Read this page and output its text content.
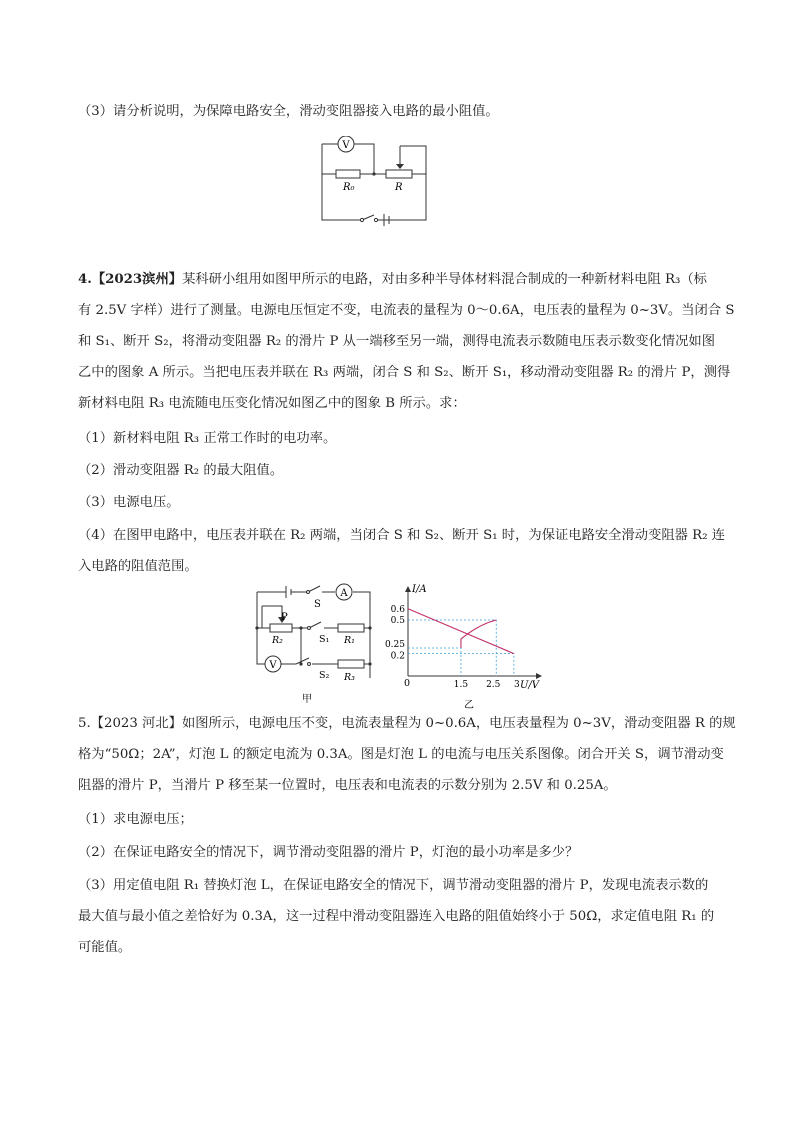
（3）请分析说明，为保障电路安全，滑动变阻器接入电路的最小阻值。
V
R₀	R
4.【2023滨州】某科研小组用如图甲所示的电路，对由多种半导体材料混合制成的一种新材料电阻 R₃（标
有 2.5V 字样）进行了测量。电源电压恒定不变，电流表的量程为 0～0.6A，电压表的量程为 0~3V。当闭合 S
和 S₁、断开 S₂，将滑动变阻器 R₂ 的滑片 P 从一端移至另一端，测得电流表示数随电压表示数变化情况如图
乙中的图象 A 所示。当把电压表并联在 R₃ 两端，闭合 S 和 S₂、断开 S₁，移动滑动变阻器 R₂ 的滑片 P，测得
新材料电阻 R₃ 电流随电压变化情况如图乙中的图象 B 所示。求：
（1）新材料电阻 R₃ 正常工作时的电功率。
（2）滑动变阻器 R₂ 的最大阻值。
（3）电源电压。
（4）在图甲电路中，电压表并联在 R₂ 两端，当闭合 S 和 S₂、断开 S₁ 时，为保证电路安全滑动变阻器 R₂ 连
入电路的阻值范围。
A
V
S
P
R₂	S₁ R₁
S₂ R₃
甲
0.6
0.5
0.25
0.2
1.5 2.5 3
I/A
U/V
0
乙
5.【2023 河北】如图所示，电源电压不变，电流表量程为 0~0.6A，电压表量程为 0~3V，滑动变阻器 R 的规
格为“50Ω；2A”，灯泡 L 的额定电流为 0.3A。图是灯泡 L 的电流与电压关系图像。闭合开关 S，调节滑动变
阻器的滑片 P，当滑片 P 移至某一位置时，电压表和电流表的示数分别为 2.5V 和 0.25A。
（1）求电源电压；
（2）在保证电路安全的情况下，调节滑动变阻器的滑片 P，灯泡的最小功率是多少？
（3）用定值电阻 R₁ 替换灯泡 L，在保证电路安全的情况下，调节滑动变阻器的滑片 P，发现电流表示数的
最大值与最小值之差恰好为 0.3A，这一过程中滑动变阻器连入电路的阻值始终小于 50Ω，求定值电阻 R₁ 的
可能值。
